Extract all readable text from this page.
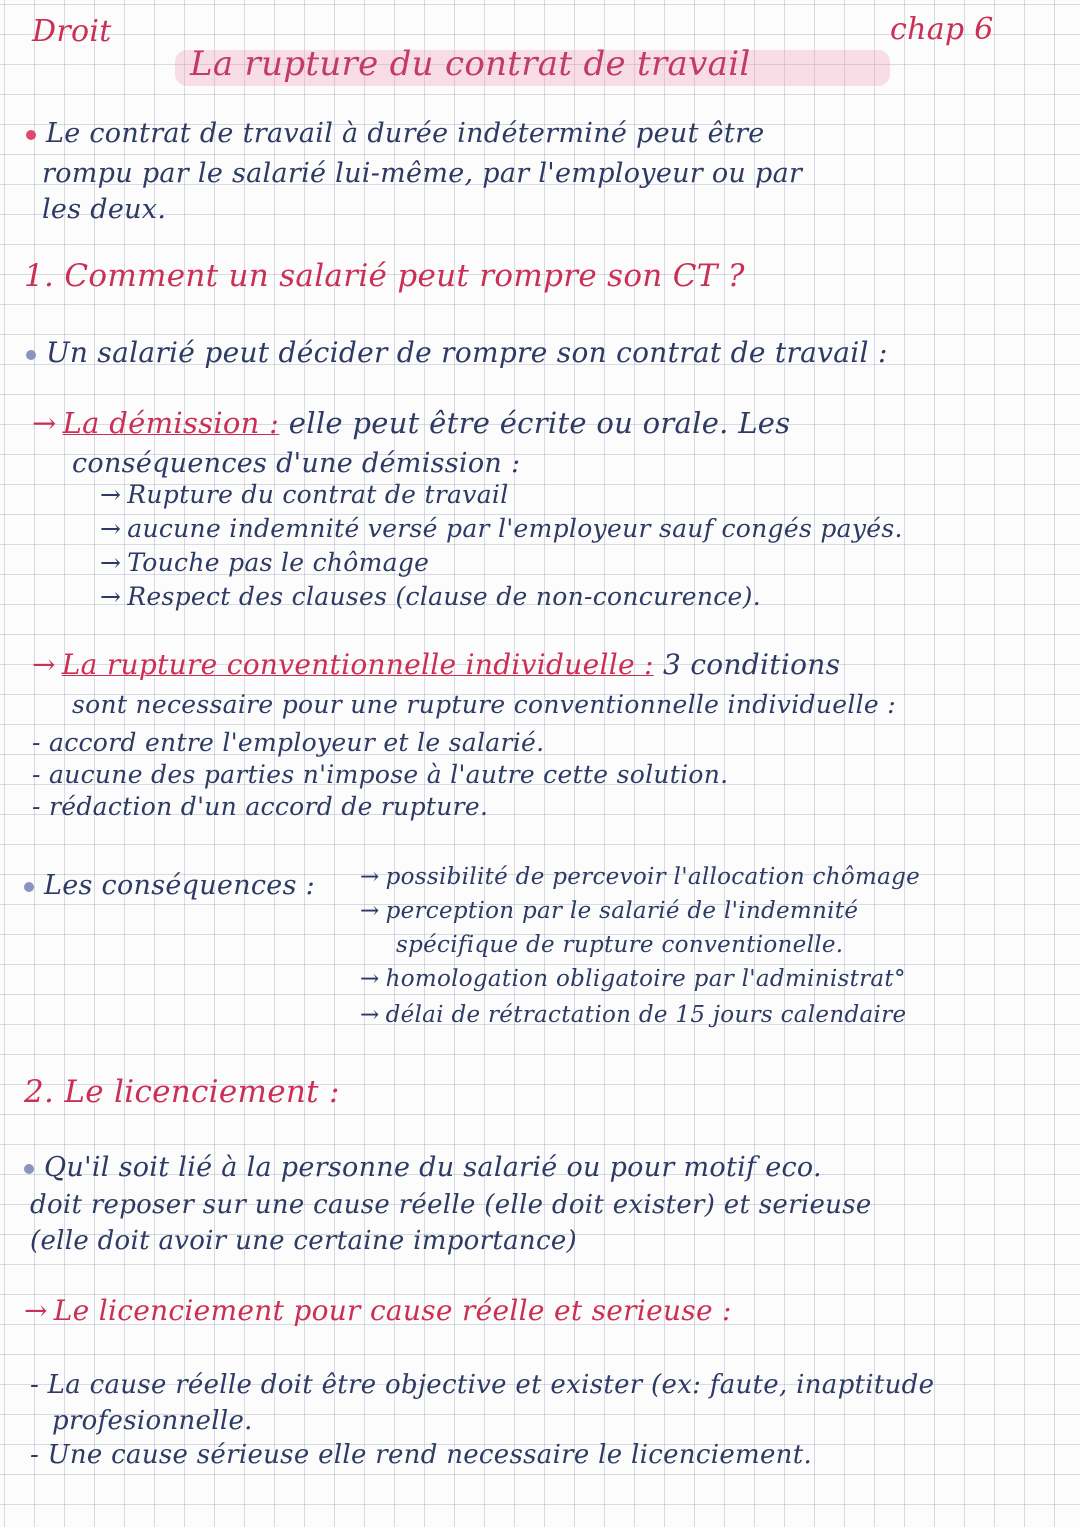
Droit
La rupture du contrat de travail
chap 6
Le contrat de travail à durée indéterminé peut être
rompu par le salarié lui-même, par l'employeur ou par
les deux.
1. Comment un salarié peut rompre son CT ?
Un salarié peut décider de rompre son contrat de travail :
→ La démission : elle peut être écrite ou orale. Les
conséquences d'une démission :
→ Rupture du contrat de travail
→ aucune indemnité versé par l'employeur sauf congés payés.
→ Touche pas le chômage
→ Respect des clauses (clause de non-concurence).
→ La rupture conventionnelle individuelle : 3 conditions
sont necessaire pour une rupture conventionnelle individuelle :
- accord entre l'employeur et le salarié.
- aucune des parties n'impose à l'autre cette solution.
- rédaction d'un accord de rupture.
Les conséquences : → possibilité de percevoir l'allocation chômage
→ perception par le salarié de l'indemnité
spécifique de rupture conventionelle.
→ homologation obligatoire par l'administrat°
→ délai de rétractation de 15 jours calendaire
2. Le licenciement :
Qu'il soit lié à la personne du salarié ou pour motif eco.
doit reposer sur une cause réelle (elle doit exister) et serieuse
(elle doit avoir une certaine importance)
→ Le licenciement pour cause réelle et serieuse :
- La cause réelle doit être objective et exister (ex: faute, inaptitude
profesionnelle.
- Une cause sérieuse elle rend necessaire le licenciement.
